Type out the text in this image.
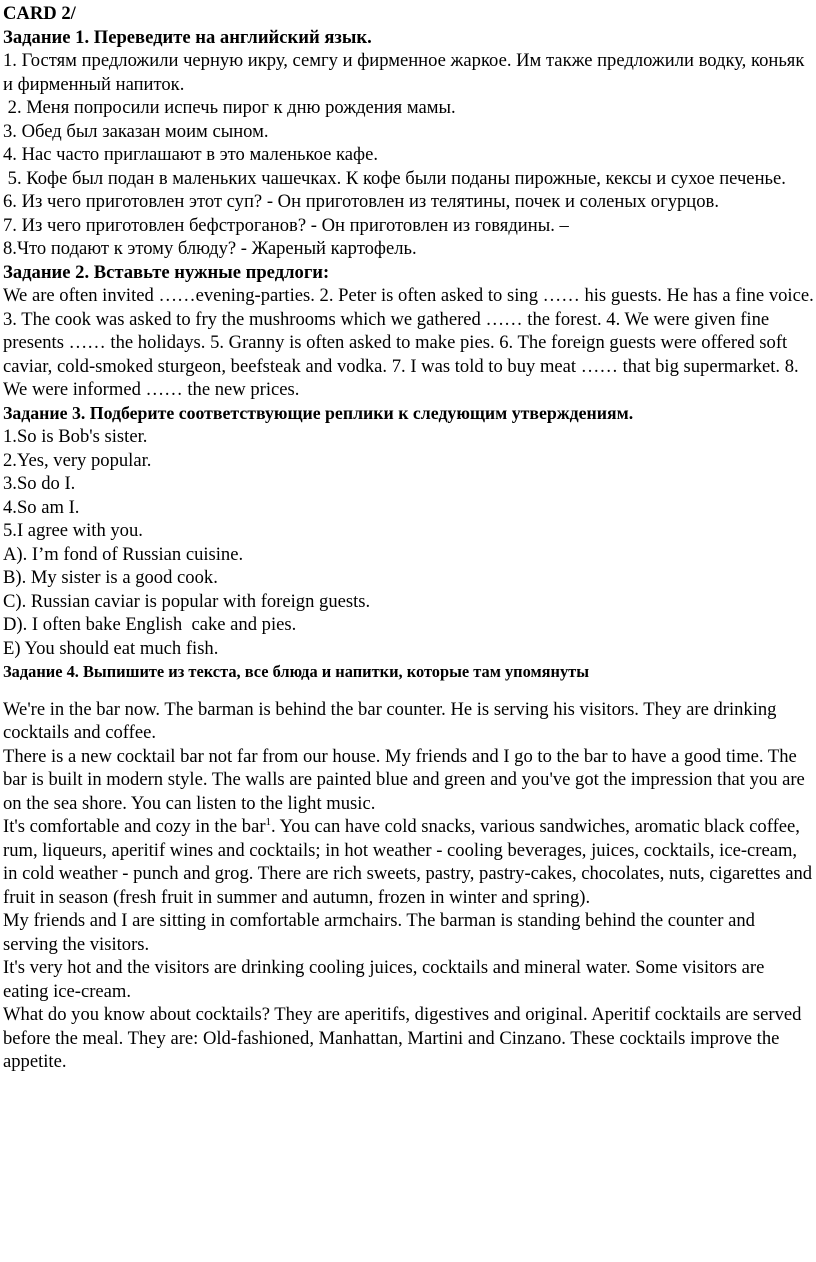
CARD 2/
Задание 1. Переведите на английский язык.
1. Гостям предложили черную икру, семгу и фирменное жаркое. Им также предложили водку, коньяк и фирменный напиток.
2. Меня попросили испечь пирог к дню рождения мамы.
3. Обед был заказан моим сыном.
4. Нас часто приглашают в это маленькое кафе.
5. Кофе был подан в маленьких чашечках. К кофе были поданы пирожные, кексы и сухое печенье.
6. Из чего приготовлен этот суп? - Он приготовлен из телятины, почек и соленых огурцов.
7. Из чего приготовлен бефстроганов? - Он приготовлен из говядины. –
8.Что подают к этому блюду? - Жареный картофель.
Задание 2. Вставьте нужные предлоги:
We are often invited ……evening-parties. 2. Peter is often asked to sing …… his guests. He has a fine voice. 3. The cook was asked to fry the mushrooms which we gathered …… the forest. 4. We were given fine presents …… the holidays. 5. Granny is often asked to make pies. 6. The foreign guests were offered soft caviar, cold-smoked sturgeon, beefsteak and vodka. 7. I was told to buy meat …… that big supermarket. 8. We were informed …… the new prices.
Задание 3. Подберите соответствующие реплики к следующим утверждениям.
1.So is Bob's sister.
2.Yes, very popular.
3.So do I.
4.So am I.
5.I agree with you.
A). I’m fond of Russian cuisine.
B). My sister is a good cook.
C). Russian caviar is popular with foreign guests.
D). I often bake English  cake and pies.
E) You should eat much fish.
Задание 4. Выпишите из текста, все блюда и напитки, которые там упомянуты
We're in the bar now. The barman is behind the bar counter. He is serving his visitors. They are drinking cocktails and coffee.
There is a new cocktail bar not far from our house. My friends and I go to the bar to have a good time. The bar is built in modern style. The walls are painted blue and green and you've got the impression that you are on the sea shore. You can listen to the light music.
It's comfortable and cozy in the bar$^1$. You can have cold snacks, various sandwiches, aromatic black coffee, rum, liqueurs, aperitif wines and cocktails; in hot weather - cooling beverages, juices, cocktails, ice-cream, in cold weather - punch and grog. There are rich sweets, pastry, pastry-cakes, chocolates, nuts, cigarettes and fruit in season (fresh fruit in summer and autumn, frozen in winter and spring).
My friends and I are sitting in comfortable armchairs. The barman is standing behind the counter and serving the visitors.
It's very hot and the visitors are drinking cooling juices, cocktails and mineral water. Some visitors are eating ice-cream.
What do you know about cocktails? They are aperitifs, digestives and original. Aperitif cocktails are served before the meal. They are: Old-fashioned, Manhattan, Martini and Cinzano. These cocktails improve the appetite.
